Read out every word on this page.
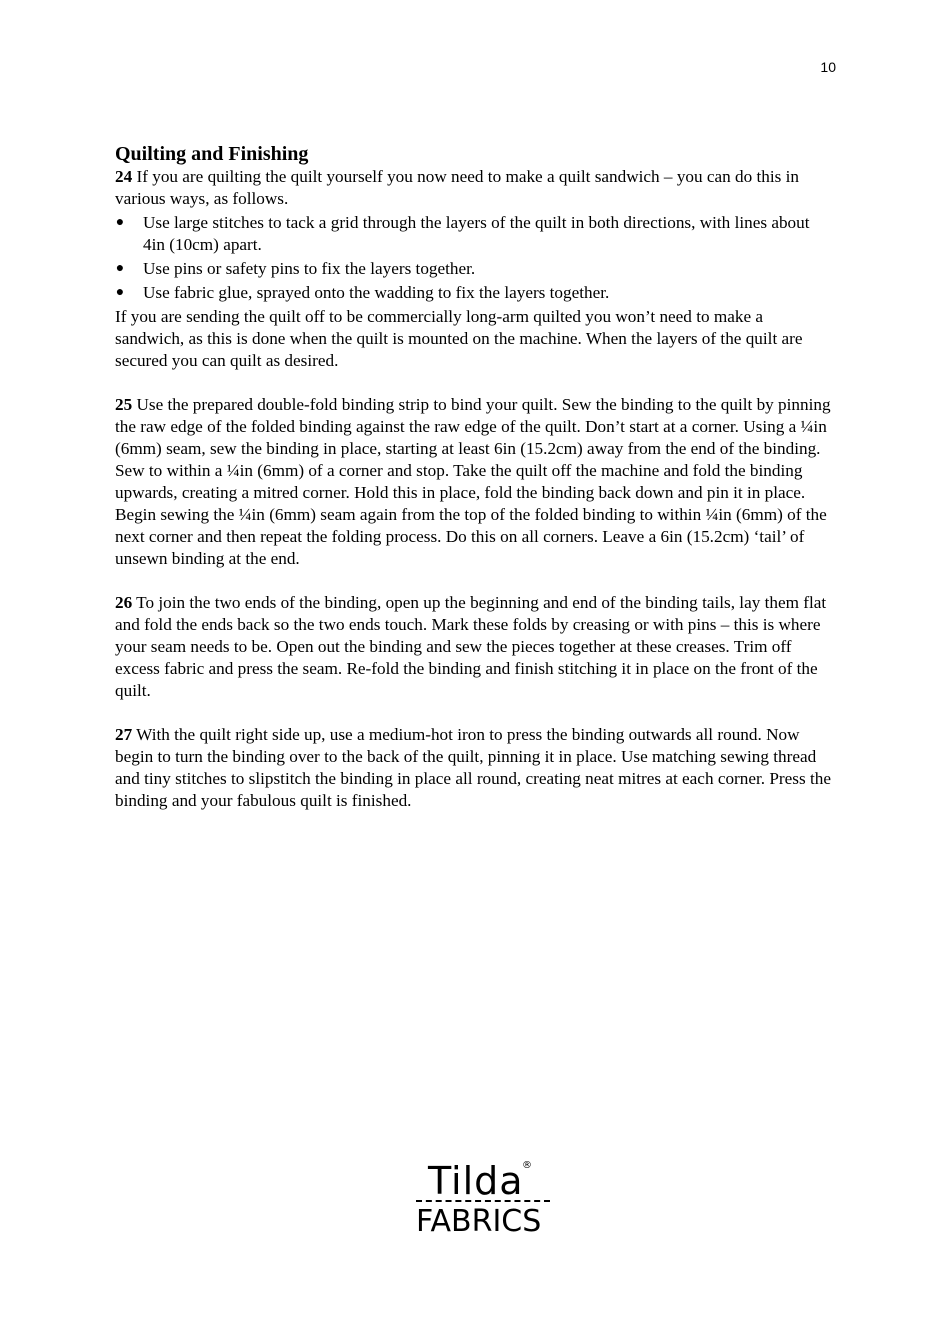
10
Quilting and Finishing

24 If you are quilting the quilt yourself you now need to make a quilt sandwich – you can do this in various ways, as follows.

● Use large stitches to tack a grid through the layers of the quilt in both directions, with lines about 4in (10cm) apart.
● Use pins or safety pins to fix the layers together.
● Use fabric glue, sprayed onto the wadding to fix the layers together.

If you are sending the quilt off to be commercially long-arm quilted you won’t need to make a sandwich, as this is done when the quilt is mounted on the machine. When the layers of the quilt are secured you can quilt as desired.

25 Use the prepared double-fold binding strip to bind your quilt. Sew the binding to the quilt by pinning the raw edge of the folded binding against the raw edge of the quilt. Don’t start at a corner. Using a ¼in (6mm) seam, sew the binding in place, starting at least 6in (15.2cm) away from the end of the binding. Sew to within a ¼in (6mm) of a corner and stop. Take the quilt off the machine and fold the binding upwards, creating a mitred corner. Hold this in place, fold the binding back down and pin it in place. Begin sewing the ¼in (6mm) seam again from the top of the folded binding to within ¼in (6mm) of the next corner and then repeat the folding process. Do this on all corners. Leave a 6in (15.2cm) ‘tail’ of unsewn binding at the end.

26 To join the two ends of the binding, open up the beginning and end of the binding tails, lay them flat and fold the ends back so the two ends touch. Mark these folds by creasing or with pins – this is where your seam needs to be. Open out the binding and sew the pieces together at these creases. Trim off excess fabric and press the seam. Re-fold the binding and finish stitching it in place on the front of the quilt.

27 With the quilt right side up, use a medium-hot iron to press the binding outwards all round. Now begin to turn the binding over to the back of the quilt, pinning it in place. Use matching sewing thread and tiny stitches to slipstitch the binding in place all round, creating neat mitres at each corner. Press the binding and your fabulous quilt is finished.

Tilda
®
FABRICS
